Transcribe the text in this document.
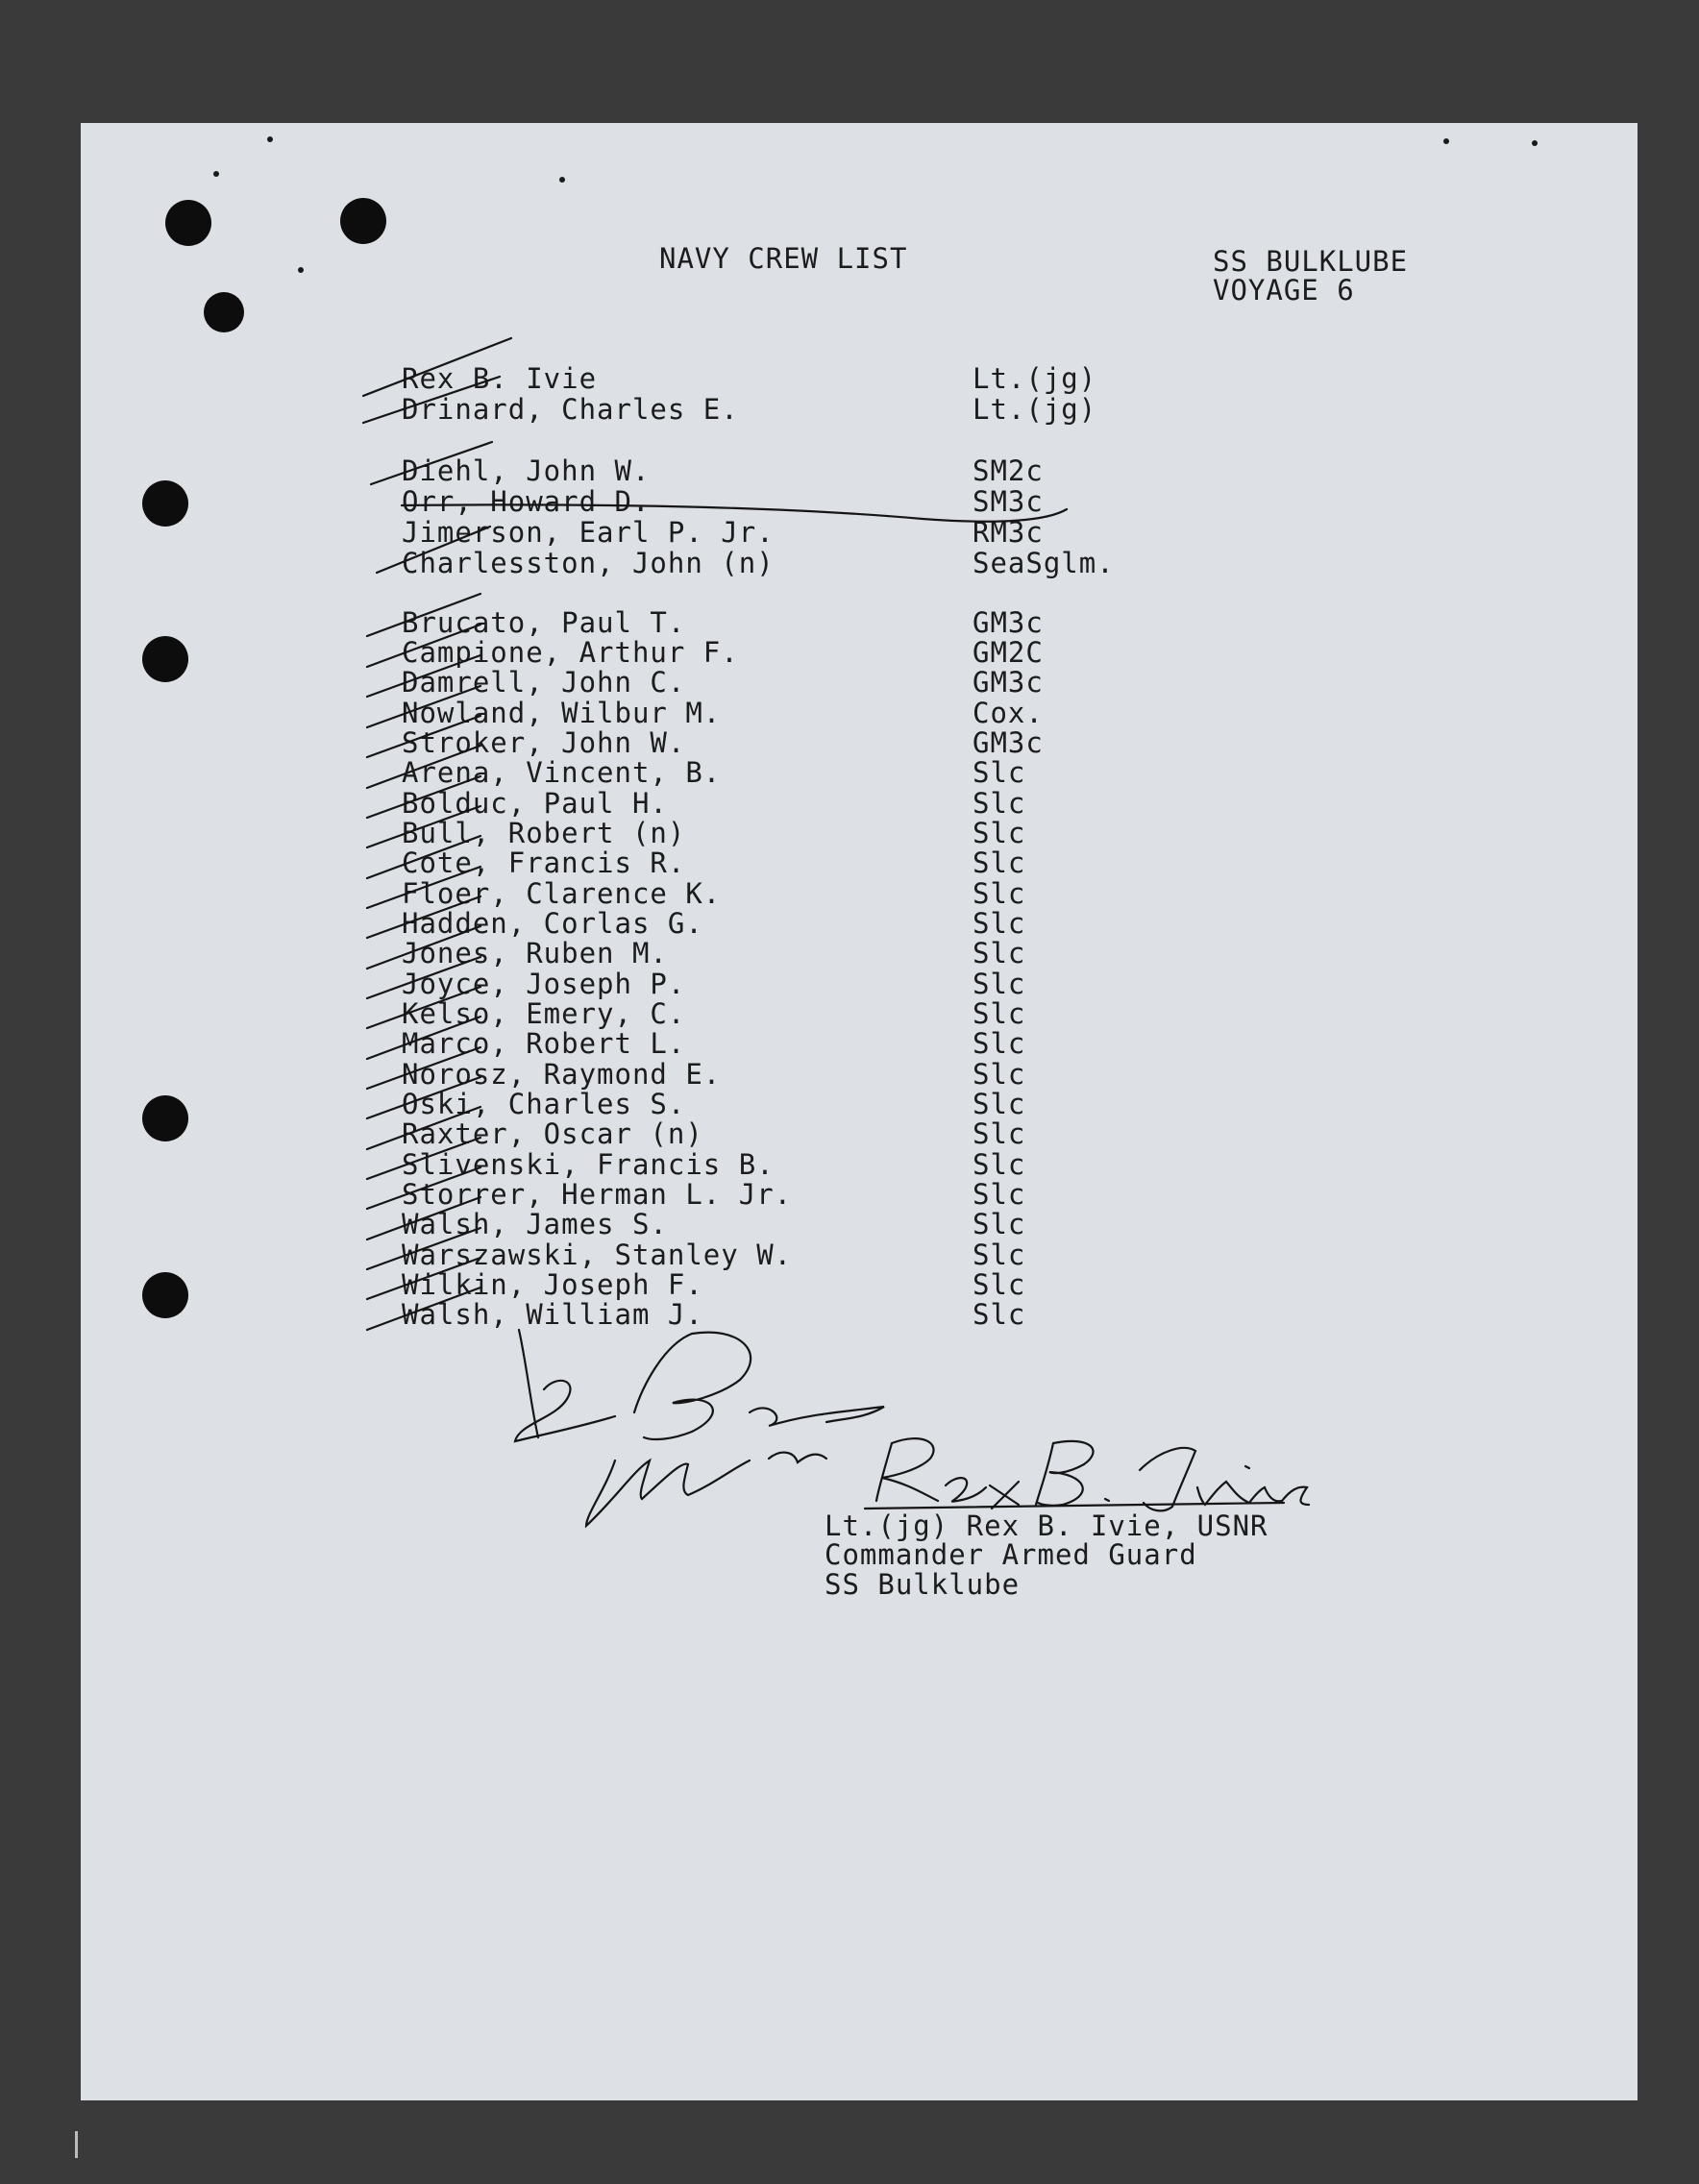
NAVY CREW LIST	SS BULKLUBE
VOYAGE 6
Rex B. Ivie	Lt.(jg)
Drinard, Charles E.	Lt.(jg)
Diehl, John W.	SM2c
Orr, Howard D.	SM3c
Jimerson, Earl P. Jr.	RM3c
Charlesston, John (n)	SeaSglm.
Brucato, Paul T.	GM3c
Campione, Arthur F.	GM2C
Damrell, John C.	GM3c
Nowland, Wilbur M.	Cox.
Stroker, John W.	GM3c
Arena, Vincent, B.	Slc
Bolduc, Paul H.	Slc
Bull, Robert (n)	Slc
Cote, Francis R.	Slc
Floer, Clarence K.	Slc
Hadden, Corlas G.	Slc
Jones, Ruben M.	Slc
Joyce, Joseph P.	Slc
Kelso, Emery, C.	Slc
Marco, Robert L.	Slc
Norosz, Raymond E.	Slc
Oski, Charles S.	Slc
Raxter, Oscar (n)	Slc
Slivenski, Francis B.	Slc
Storrer, Herman L. Jr.	Slc
Walsh, James S.	Slc
Warszawski, Stanley W.	Slc
Wilkin, Joseph F.	Slc
Walsh, William J.	Slc
Lt.(jg) Rex B. Ivie, USNR
Commander Armed Guard
SS Bulklube
